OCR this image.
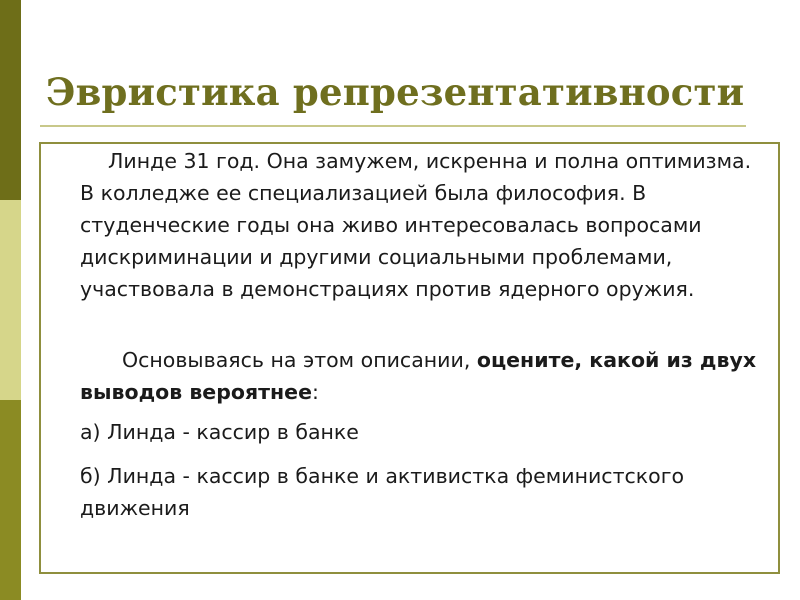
Эвристика репрезентативности

Линде 31 год. Она замужем, искренна и полна оптимизма. В колледже ее специализацией была философия. В студенческие годы она живо интересовалась вопросами дискриминации и другими социальными проблемами, участвовала в демонстрациях против ядерного оружия.

Основываясь на этом описании, оцените, какой из двух выводов вероятнее:

а) Линда - кассир в банке

б) Линда - кассир в банке и активистка феминистского движения
